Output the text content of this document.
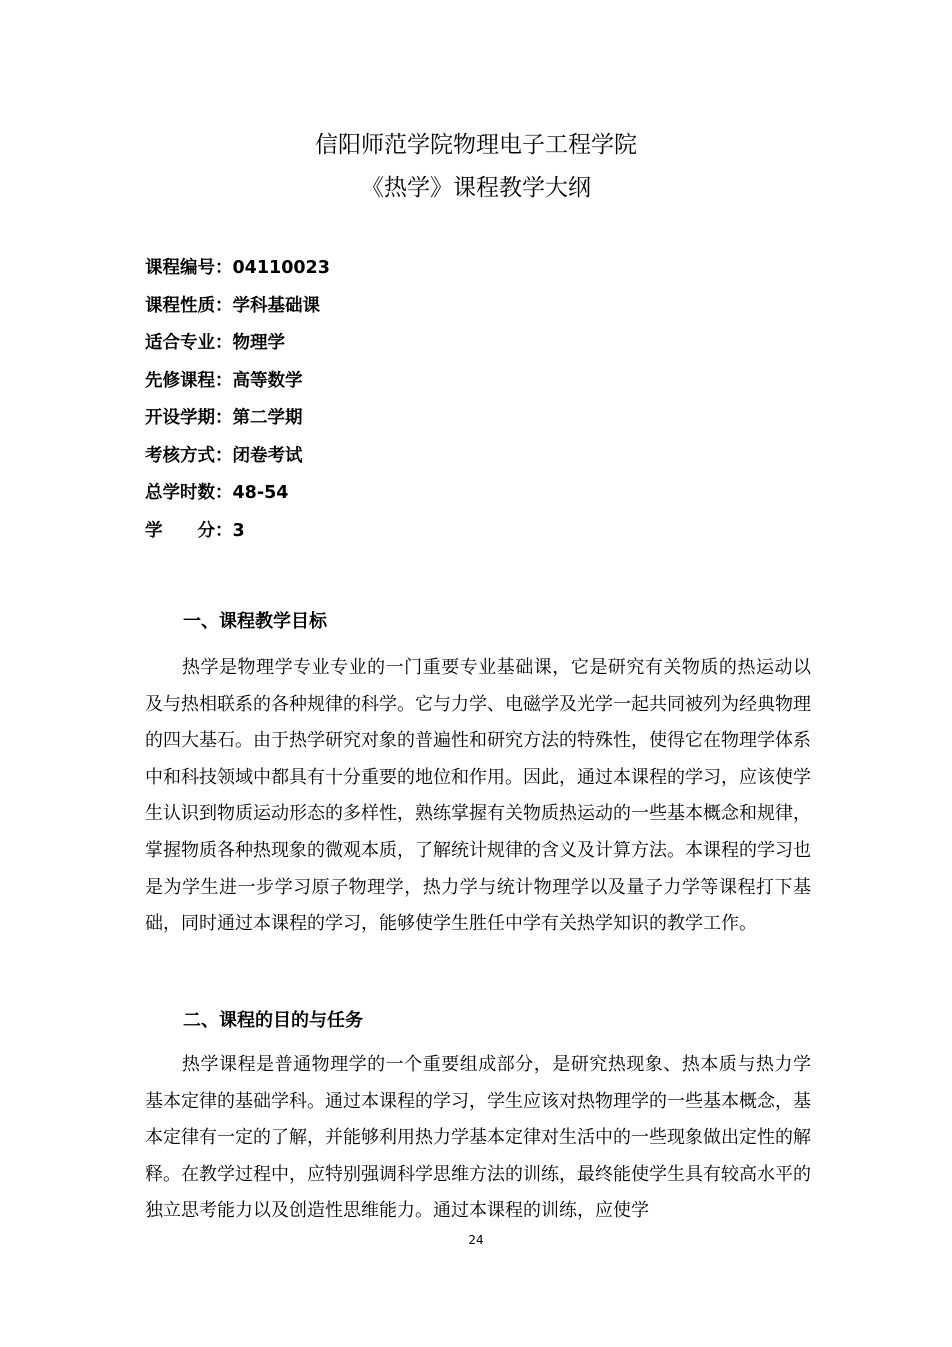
信阳师范学院物理电子工程学院
《热学》课程教学大纲
课程编号：04110023
课程性质：学科基础课
适合专业：物理学
先修课程：高等数学
开设学期：第二学期
考核方式：闭卷考试
总学时数：48-54
学　　分：3
一、课程教学目标
热学是物理学专业专业的一门重要专业基础课，它是研究有关物质的热运动以及与热相联系的各种规律的科学。它与力学、电磁学及光学一起共同被列为经典物理的四大基石。由于热学研究对象的普遍性和研究方法的特殊性，使得它在物理学体系中和科技领域中都具有十分重要的地位和作用。因此，通过本课程的学习，应该使学生认识到物质运动形态的多样性，熟练掌握有关物质热运动的一些基本概念和规律，掌握物质各种热现象的微观本质，了解统计规律的含义及计算方法。本课程的学习也是为学生进一步学习原子物理学，热力学与统计物理学以及量子力学等课程打下基础，同时通过本课程的学习，能够使学生胜任中学有关热学知识的教学工作。
二、课程的目的与任务
热学课程是普通物理学的一个重要组成部分，是研究热现象、热本质与热力学基本定律的基础学科。通过本课程的学习，学生应该对热物理学的一些基本概念，基本定律有一定的了解，并能够利用热力学基本定律对生活中的一些现象做出定性的解释。在教学过程中，应特别强调科学思维方法的训练，最终能使学生具有较高水平的独立思考能力以及创造性思维能力。通过本课程的训练，应使学
24
